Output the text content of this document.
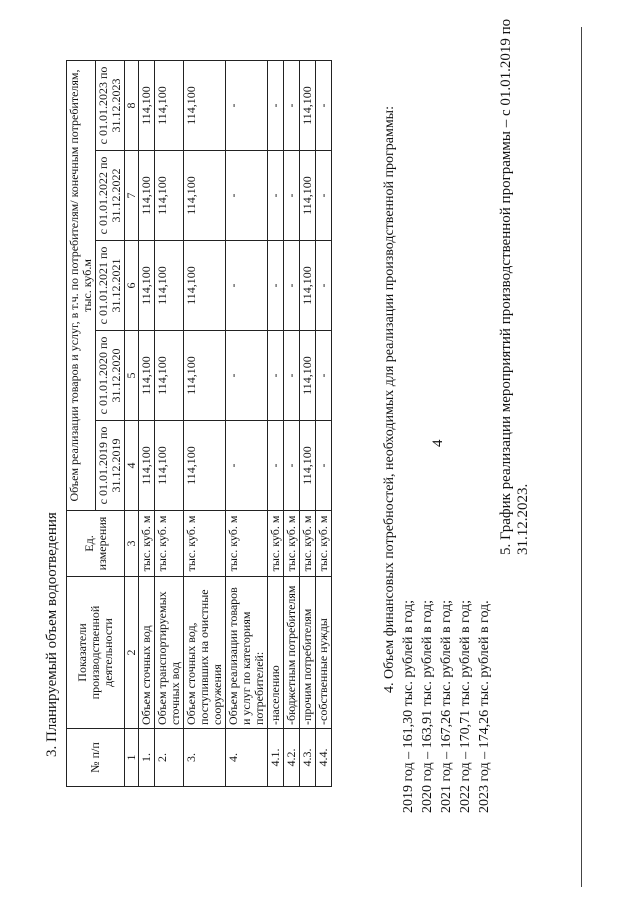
4
3. Планируемый объем водоотведения
№ п/п	Показатели производственной деятельности	Ед. измерения	Объем реализации товаров и услуг, в т.ч. по потребителям/ конечным потребителям, тыс. куб.м				
			с 01.01.2019 по 31.12.2019	с 01.01.2020 по 31.12.2020	с 01.01.2021 по 31.12.2021	с 01.01.2022 по 31.12.2022	с 01.01.2023 по 31.12.2023
1	2	3	4	5	6	7	8
1.	Объем сточных вод	тыс. куб. м	114,100	114,100	114,100	114,100	114,100
2.	Объем транспортируемых сточных вод	тыс. куб. м	114,100	114,100	114,100	114,100	114,100
3.	Объем сточных вод, поступивших на очистные сооружения	тыс. куб. м	114,100	114,100	114,100	114,100	114,100
4.	Объем реализации товаров и услуг по категориям потребителей:	тыс. куб. м	-	-	-	-	-
4.1.	-населению	тыс. куб. м	-	-	-	-	-
4.2.	-бюджетным потребителям	тыс. куб. м	-	-	-	-	-
4.3.	-прочим потребителям	тыс. куб. м	114,100	114,100	114,100	114,100	114,100
4.4.	-собственные нужды	тыс. куб. м	-	-	-	-	-
4. Объем финансовых потребностей, необходимых для реализации производственной программы:
2019 год – 161,30 тыс. рублей в год; 2020 год – 163,91 тыс. рублей в год; 2021 год – 167,26 тыс. рублей в год; 2022 год – 170,71 тыс. рублей в год; 2023 год – 174,26 тыс. рублей в год.
5. График реализации мероприятий производственной программы – с 01.01.2019 по 31.12.2023.
